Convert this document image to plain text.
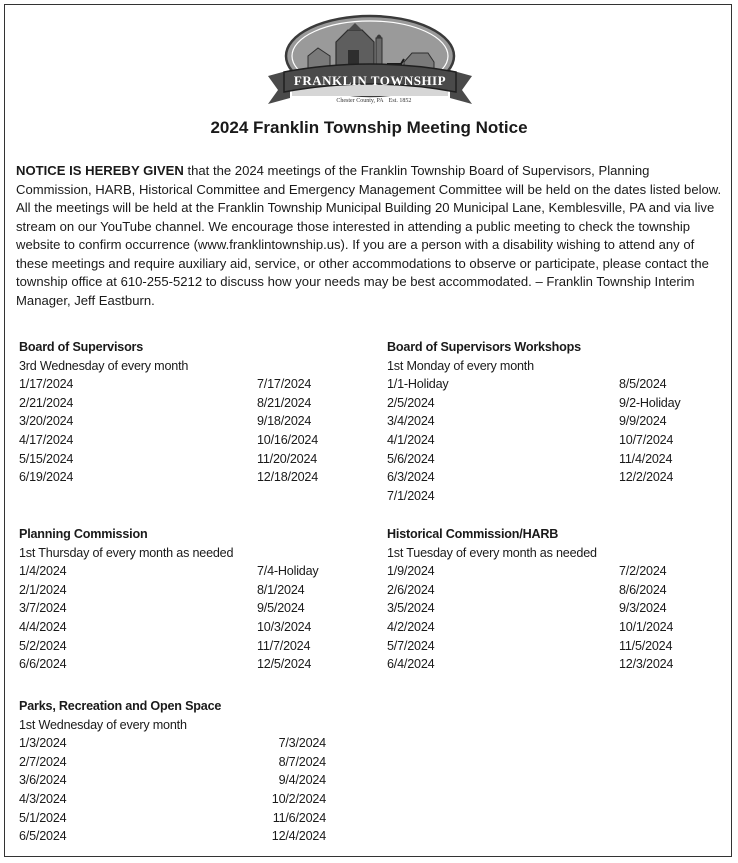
FRANKLIN TOWNSHIP
Chester County, PA Est. 1852
2024 Franklin Township Meeting Notice
NOTICE IS HEREBY GIVEN that the 2024 meetings of the Franklin Township Board of Supervisors, Planning Commission, HARB, Historical Committee and Emergency Management Committee will be held on the dates listed below. All the meetings will be held at the Franklin Township Municipal Building 20 Municipal Lane, Kemblesville, PA and via live stream on our YouTube channel. We encourage those interested in attending a public meeting to check the township website to confirm occurrence (www.franklintownship.us). If you are a person with a disability wishing to attend any of these meetings and require auxiliary aid, service, or other accommodations to observe or participate, please contact the township office at 610-255-5212 to discuss how your needs may be best accommodated. – Franklin Township Interim Manager, Jeff Eastburn.
Board of Supervisors
3rd Wednesday of every month
1/17/2024
2/21/2024
3/20/2024
4/17/2024
5/15/2024
6/19/2024
7/17/2024
8/21/2024
9/18/2024
10/16/2024
11/20/2024
12/18/2024
Board of Supervisors Workshops
1st Monday of every month
1/1-Holiday
2/5/2024
3/4/2024
4/1/2024
5/6/2024
6/3/2024
7/1/2024
8/5/2024
9/2-Holiday
9/9/2024
10/7/2024
11/4/2024
12/2/2024
Planning Commission
1st Thursday of every month as needed
1/4/2024
2/1/2024
3/7/2024
4/4/2024
5/2/2024
6/6/2024
7/4-Holiday
8/1/2024
9/5/2024
10/3/2024
11/7/2024
12/5/2024
Historical Commission/HARB
1st Tuesday of every month as needed
1/9/2024
2/6/2024
3/5/2024
4/2/2024
5/7/2024
6/4/2024
7/2/2024
8/6/2024
9/3/2024
10/1/2024
11/5/2024
12/3/2024
Parks, Recreation and Open Space
1st Wednesday of every month
1/3/2024
2/7/2024
3/6/2024
4/3/2024
5/1/2024
6/5/2024
7/3/2024
8/7/2024
9/4/2024
10/2/2024
11/6/2024
12/4/2024
